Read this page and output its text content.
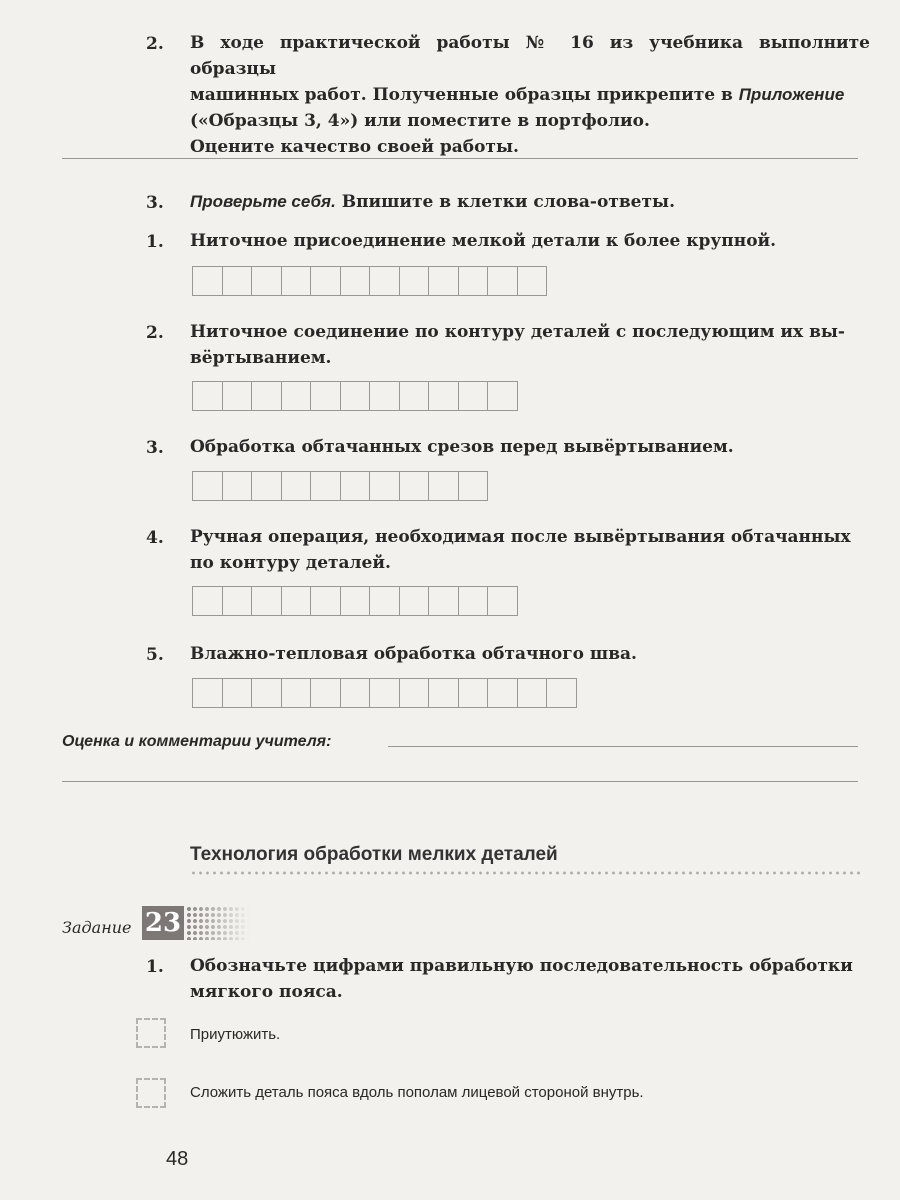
2. В ходе практической работы № 16 из учебника выполните образцы
машинных работ. Полученные образцы прикрепите в Приложение
(«Образцы 3, 4») или поместите в портфолио.
Оцените качество своей работы.
3. Проверьте себя. Впишите в клетки слова-ответы.
1. Ниточное присоединение мелкой детали к более крупной.
2. Ниточное соединение по контуру деталей с последующим их вы-
вёртыванием.
3. Обработка обтачанных срезов перед вывёртыванием.
4. Ручная операция, необходимая после вывёртывания обтачанных
по контуру деталей.
5. Влажно-тепловая обработка обтачного шва.
Оценка и комментарии учителя:
Технология обработки мелких деталей
Задание 23
1. Обозначьте цифрами правильную последовательность обработки
мягкого пояса.
Приутюжить.
Сложить деталь пояса вдоль пополам лицевой стороной внутрь.
48
